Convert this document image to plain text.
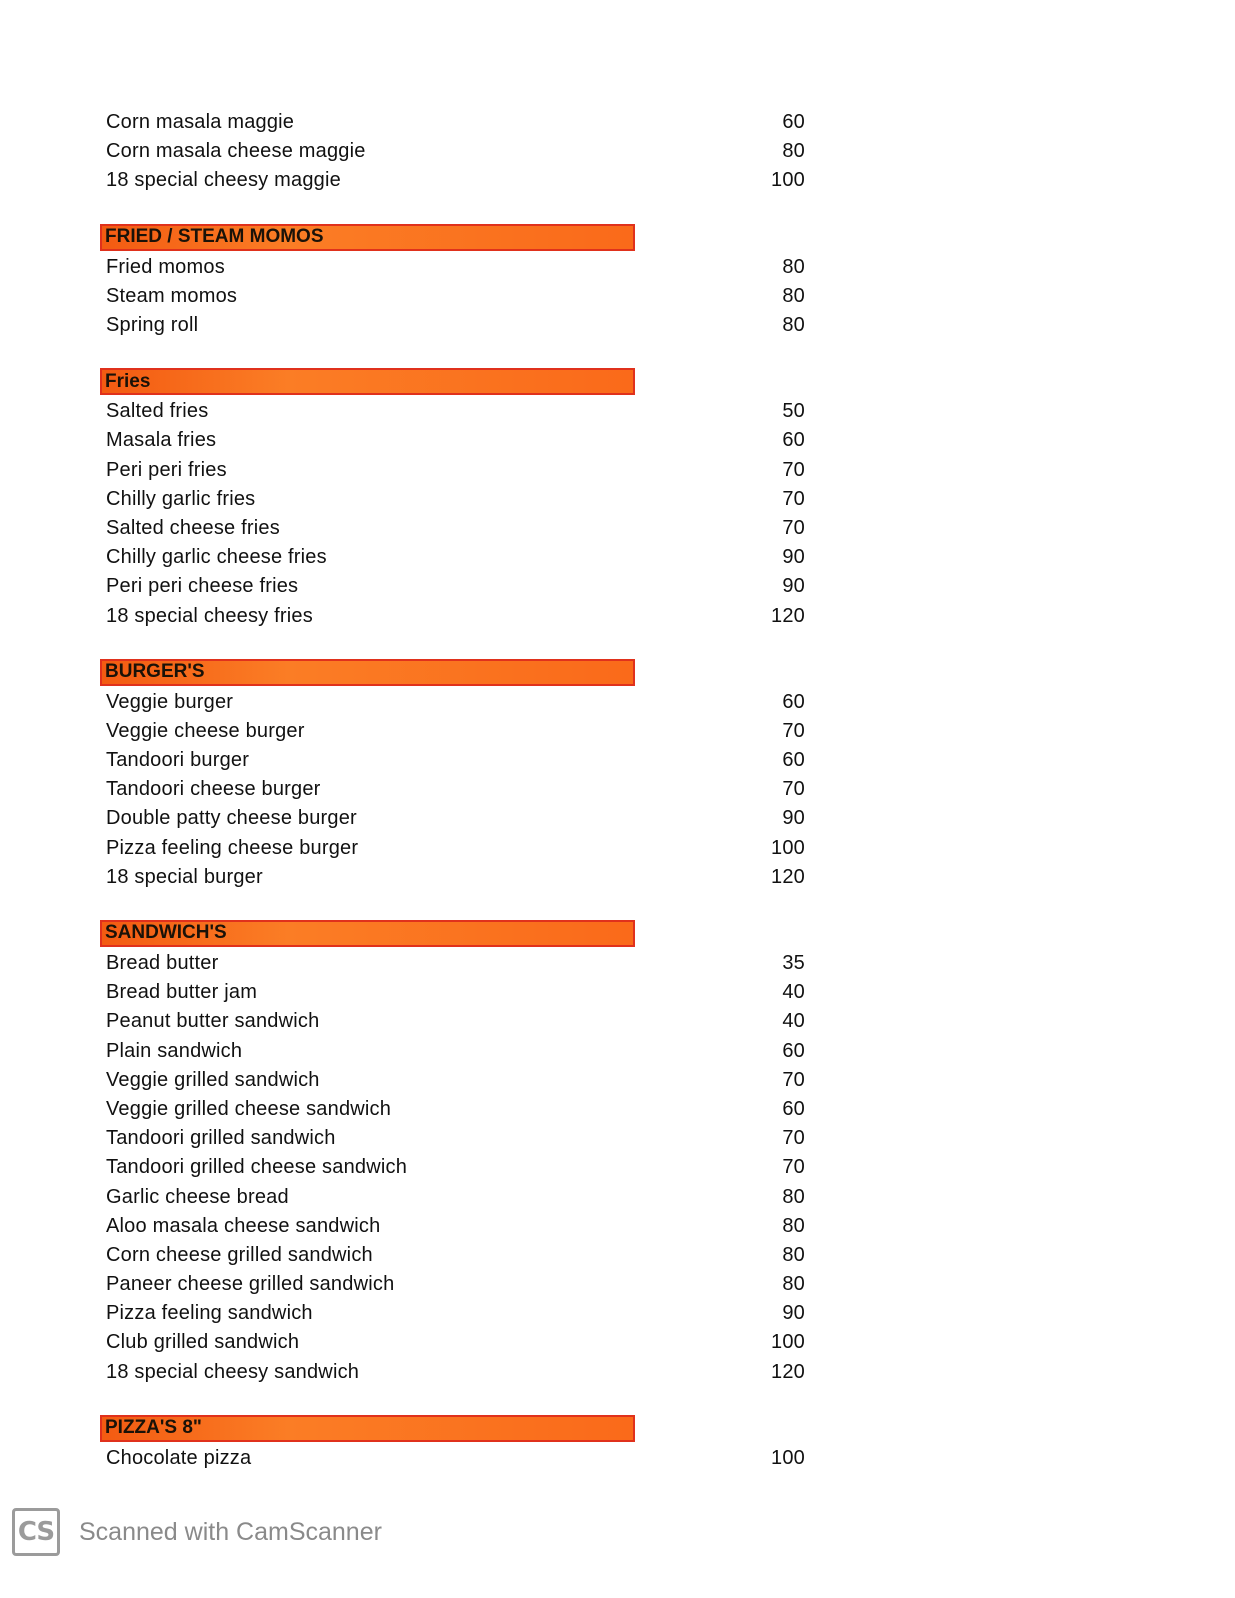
Corn masala maggie	60
Corn masala cheese maggie	80
18 special cheesy maggie	100
FRIED / STEAM MOMOS
Fried momos	80
Steam momos	80
Spring roll	80
Fries
Salted fries	50
Masala fries	60
Peri peri fries	70
Chilly garlic fries	70
Salted cheese fries	70
Chilly garlic cheese fries	90
Peri peri cheese fries	90
18 special cheesy fries	120
BURGER'S
Veggie burger	60
Veggie cheese burger	70
Tandoori burger	60
Tandoori cheese burger	70
Double patty cheese burger	90
Pizza feeling cheese burger	100
18 special burger	120
SANDWICH'S
Bread butter	35
Bread butter jam	40
Peanut butter sandwich	40
Plain sandwich	60
Veggie grilled sandwich	70
Veggie grilled cheese sandwich	60
Tandoori grilled sandwich	70
Tandoori grilled cheese sandwich	70
Garlic cheese bread	80
Aloo masala cheese sandwich	80
Corn cheese grilled sandwich	80
Paneer cheese grilled sandwich	80
Pizza feeling sandwich	90
Club grilled sandwich	100
18 special cheesy sandwich	120
PIZZA'S 8"
Chocolate pizza	100
CS Scanned with CamScanner
